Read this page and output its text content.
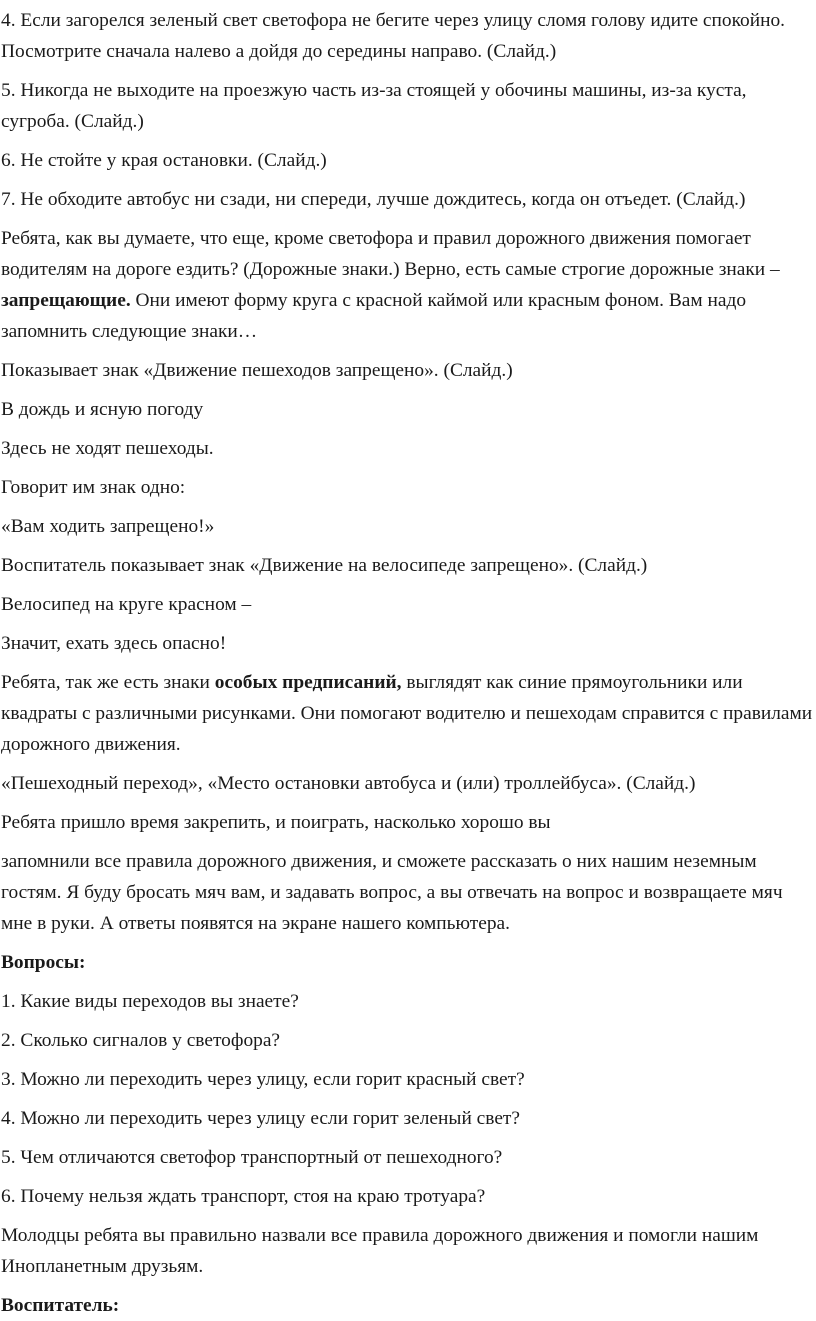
4. Если загорелся зеленый свет светофора не бегите через улицу сломя голову идите спокойно. Посмотрите сначала налево а дойдя до середины направо. (Слайд.)

5. Никогда не выходите на проезжую часть из-за стоящей у обочины машины, из-за куста, сугроба. (Слайд.)

6. Не стойте у края остановки. (Слайд.)

7. Не обходите автобус ни сзади, ни спереди, лучше дождитесь, когда он отъедет. (Слайд.)

Ребята, как вы думаете, что еще, кроме светофора и правил дорожного движения помогает водителям на дороге ездить? (Дорожные знаки.) Верно, есть самые строгие дорожные знаки – запрещающие. Они имеют форму круга с красной каймой или красным фоном. Вам надо запомнить следующие знаки…

Показывает знак «Движение пешеходов запрещено». (Слайд.)

В дождь и ясную погоду

Здесь не ходят пешеходы.

Говорит им знак одно:

«Вам ходить запрещено!»

Воспитатель показывает знак «Движение на велосипеде запрещено». (Слайд.)

Велосипед на круге красном –

Значит, ехать здесь опасно!

Ребята, так же есть знаки особых предписаний, выглядят как синие прямоугольники или квадраты с различными рисунками. Они помогают водителю и пешеходам справится с правилами дорожного движения.

«Пешеходный переход», «Место остановки автобуса и (или) троллейбуса». (Слайд.)

Ребята пришло время закрепить, и поиграть, насколько хорошо вы

запомнили все правила дорожного движения, и сможете рассказать о них нашим неземным гостям. Я буду бросать мяч вам, и задавать вопрос, а вы отвечать на вопрос и возвращаете мяч мне в руки. А ответы появятся на экране нашего компьютера.

Вопросы:

1. Какие виды переходов вы знаете?

2. Сколько сигналов у светофора?

3. Можно ли переходить через улицу, если горит красный свет?

4. Можно ли переходить через улицу если горит зеленый свет?

5. Чем отличаются светофор транспортный от пешеходного?

6. Почему нельзя ждать транспорт, стоя на краю тротуара?

Молодцы ребята вы правильно назвали все правила дорожного движения и помогли нашим Инопланетным друзьям.

Воспитатель:
